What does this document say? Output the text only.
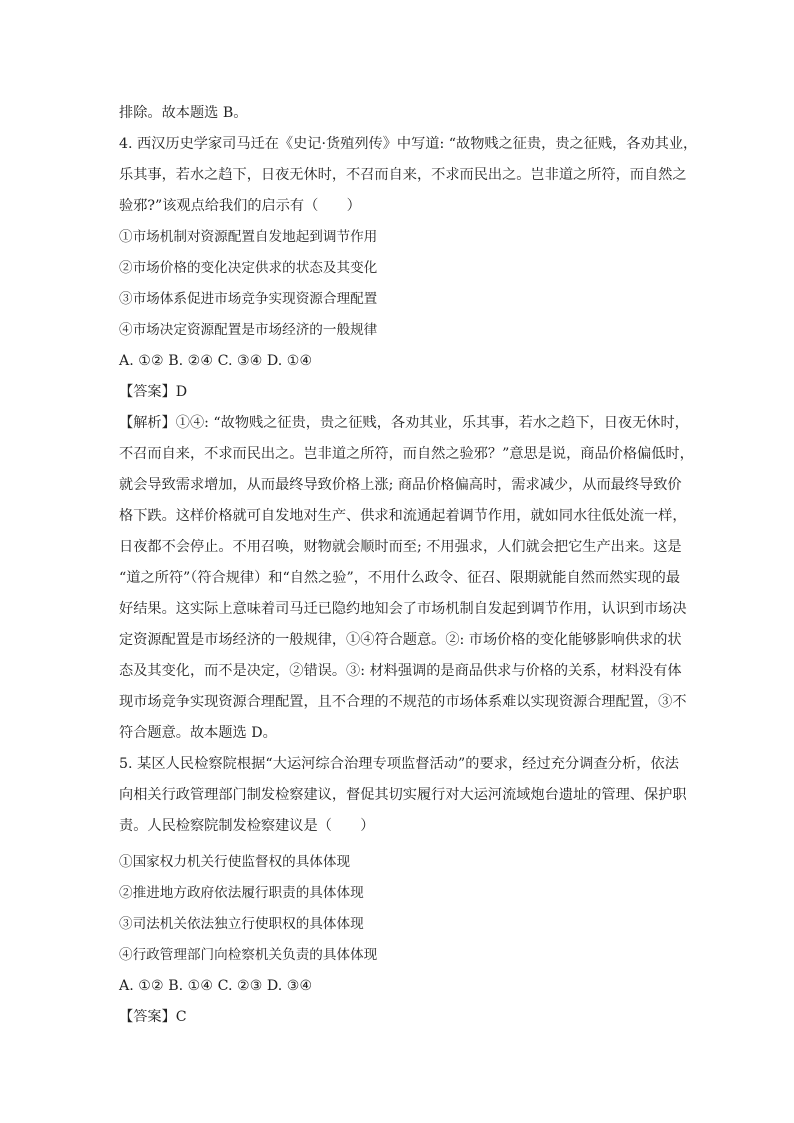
排除。故本题选 B。
4. 西汉历史学家司马迁在《史记·货殖列传》中写道: “故物贱之征贵，贵之征贱，各劝其业，
乐其事，若水之趋下，日夜无休时，不召而自来，不求而民出之。岂非道之所符，而自然之
验邪?”该观点给我们的启示有（　　）
①市场机制对资源配置自发地起到调节作用
②市场价格的变化决定供求的状态及其变化
③市场体系促进市场竞争实现资源合理配置
④市场决定资源配置是市场经济的一般规律
A. ①② B. ②④ C. ③④ D. ①④
【答案】D
【解析】①④: “故物贱之征贵，贵之征贱，各劝其业，乐其事，若水之趋下，日夜无休时，
不召而自来，不求而民出之。岂非道之所符，而自然之验邪？”意思是说，商品价格偏低时，
就会导致需求增加，从而最终导致价格上涨; 商品价格偏高时，需求减少，从而最终导致价
格下跌。这样价格就可自发地对生产、供求和流通起着调节作用，就如同水往低处流一样，
日夜都不会停止。不用召唤，财物就会顺时而至; 不用强求，人们就会把它生产出来。这是
“道之所符”（符合规律）和“自然之验”，不用什么政令、征召、限期就能自然而然实现的最
好结果。这实际上意味着司马迁已隐约地知会了市场机制自发起到调节作用，认识到市场决
定资源配置是市场经济的一般规律，①④符合题意。②: 市场价格的变化能够影响供求的状
态及其变化，而不是决定，②错误。③: 材料强调的是商品供求与价格的关系，材料没有体
现市场竞争实现资源合理配置，且不合理的不规范的市场体系难以实现资源合理配置，③不
符合题意。故本题选 D。
5. 某区人民检察院根据“大运河综合治理专项监督活动”的要求，经过充分调查分析，依法
向相关行政管理部门制发检察建议，督促其切实履行对大运河流域炮台遗址的管理、保护职
责。人民检察院制发检察建议是（　　）
①国家权力机关行使监督权的具体体现
②推进地方政府依法履行职责的具体体现
③司法机关依法独立行使职权的具体体现
④行政管理部门向检察机关负责的具体体现
A. ①② B. ①④ C. ②③ D. ③④
【答案】C
